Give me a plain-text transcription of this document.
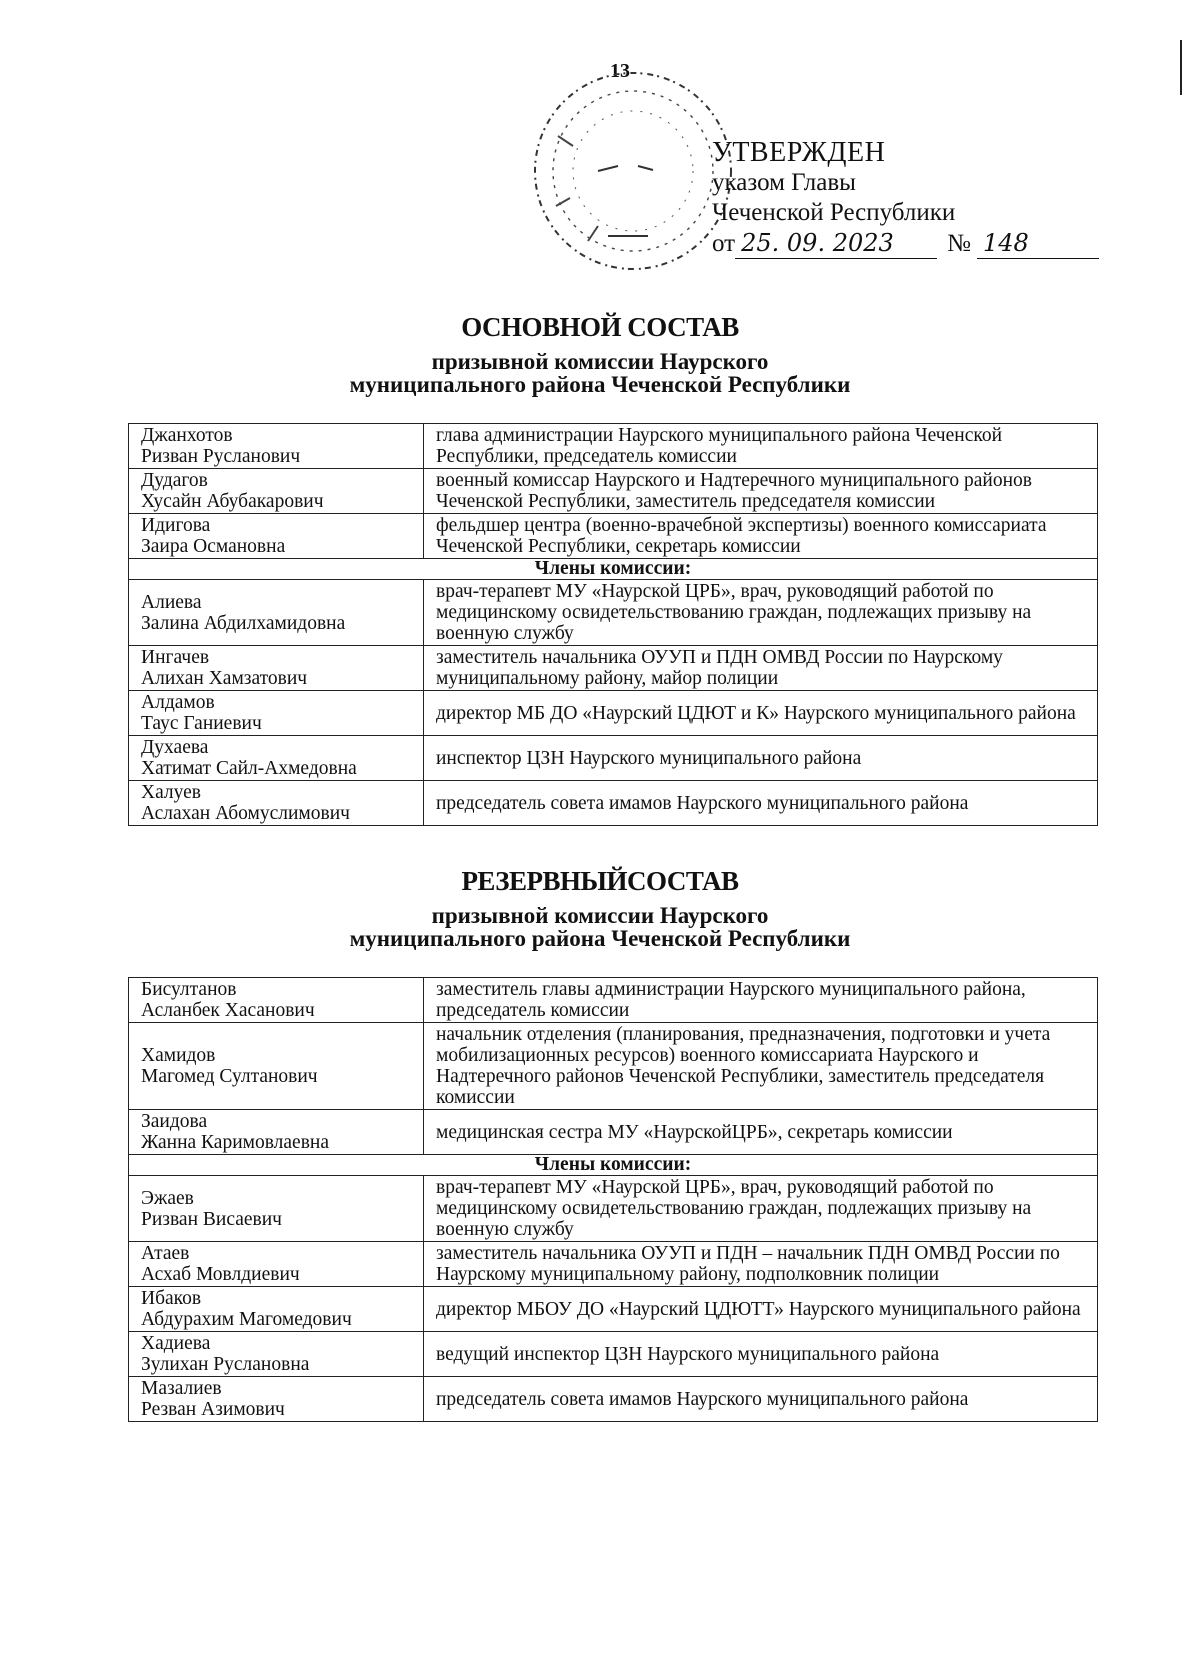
13
УТВЕРЖДЕН
указом Главы
Чеченской Республики
от 25. 09. 2023	№ 148
ОСНОВНОЙ СОСТАВ
призывной комиссии Наурского
муниципального района Чеченской Республики
Джанхотов
Ризван Русланович	глава администрации Наурского муниципального района Чеченской Республики, председатель комиссии

Дудагов
Хусайн Абубакарович	военный комиссар Наурского и Надтеречного муниципального районов Чеченской Республики, заместитель председателя комиссии

Идигова
Заира Османовна	фельдшер центра (военно-врачебной экспертизы) военного комиссариата Чеченской Республики, секретарь комиссии
Члены комиссии:	

Алиева
Залина Абдилхамидовна	врач-терапевт МУ «Наурской ЦРБ», врач, руководящий работой по медицинскому освидетельствованию граждан, подлежащих призыву на военную службу

Ингачев
Алихан Хамзатович	заместитель начальника ОУУП и ПДН ОМВД России по Наурскому муниципальному району, майор полиции

Алдамов
Таус Ганиевич	директор МБ ДО «Наурский ЦДЮТ и К» Наурского муниципального района

Духаева
Хатимат Сайл-Ахмедовна	инспектор ЦЗН Наурского муниципального района

Халуев
Аслахан Абомуслимович	председатель совета имамов Наурского муниципального района
РЕЗЕРВНЫЙСОСТАВ
призывной комиссии Наурского
муниципального района Чеченской Республики
Бисултанов
Асланбек Хасанович	заместитель главы администрации Наурского муниципального района, председатель комиссии

Хамидов
Магомед Султанович	начальник отделения (планирования, предназначения, подготовки и учета мобилизационных ресурсов) военного комиссариата Наурского и Надтеречного районов Чеченской Республики, заместитель председателя комиссии

Заидова
Жанна Каримовлаевна	медицинская сестра МУ «НаурскойЦРБ», секретарь комиссии
Члены комиссии:	

Эжаев
Ризван Висаевич	врач-терапевт МУ «Наурской ЦРБ», врач, руководящий работой по медицинскому освидетельствованию граждан, подлежащих призыву на военную службу

Атаев
Асхаб Мовлдиевич	заместитель начальника ОУУП и ПДН – начальник ПДН ОМВД России по Наурскому муниципальному району, подполковник полиции

Ибаков
Абдурахим Магомедович	директор МБОУ ДО «Наурский ЦДЮТТ» Наурского муниципального района

Хадиева
Зулихан Руслановна	ведущий инспектор ЦЗН Наурского муниципального района

Мазалиев
Резван Азимович	председатель совета имамов Наурского муниципального района
